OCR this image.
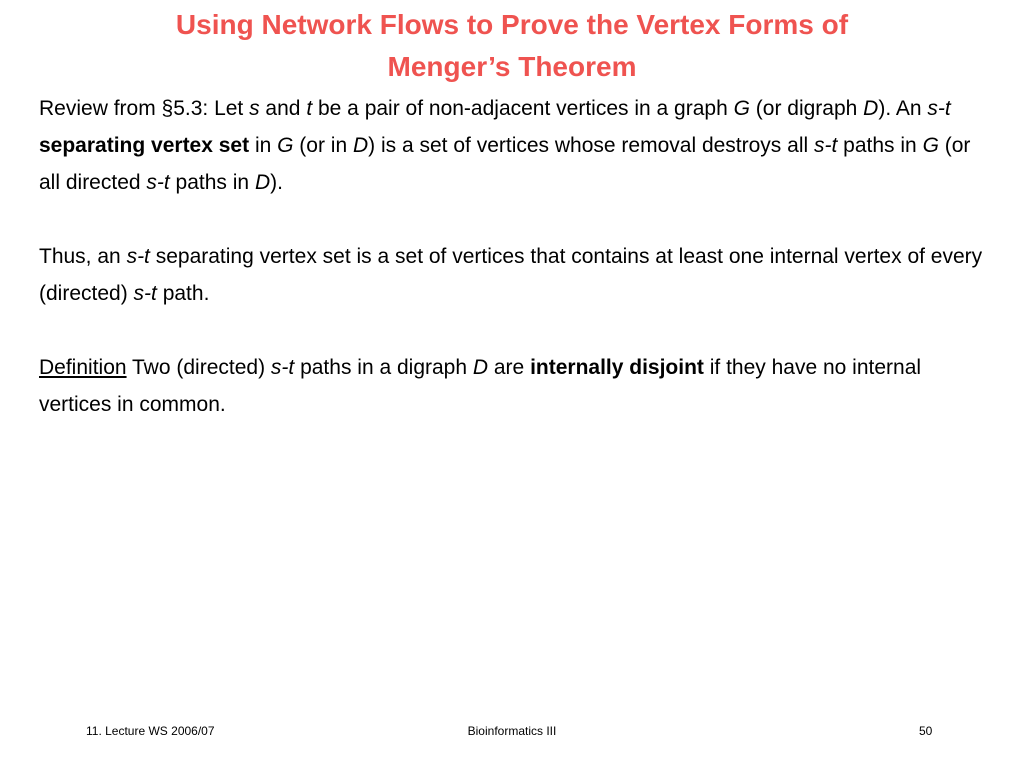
Using Network Flows to Prove the Vertex Forms of
Menger’s Theorem

Review from §5.3: Let s and t be a pair of non-adjacent vertices in a graph G (or digraph D). An s-t separating vertex set in G (or in D) is a set of vertices whose removal destroys all s-t paths in G (or all directed s-t paths in D).

Thus, an s-t separating vertex set is a set of vertices that contains at least one internal vertex of every (directed) s-t path.

Definition Two (directed) s-t paths in a digraph D are internally disjoint if they have no internal vertices in common.

11. Lecture WS 2006/07	Bioinformatics III	50
